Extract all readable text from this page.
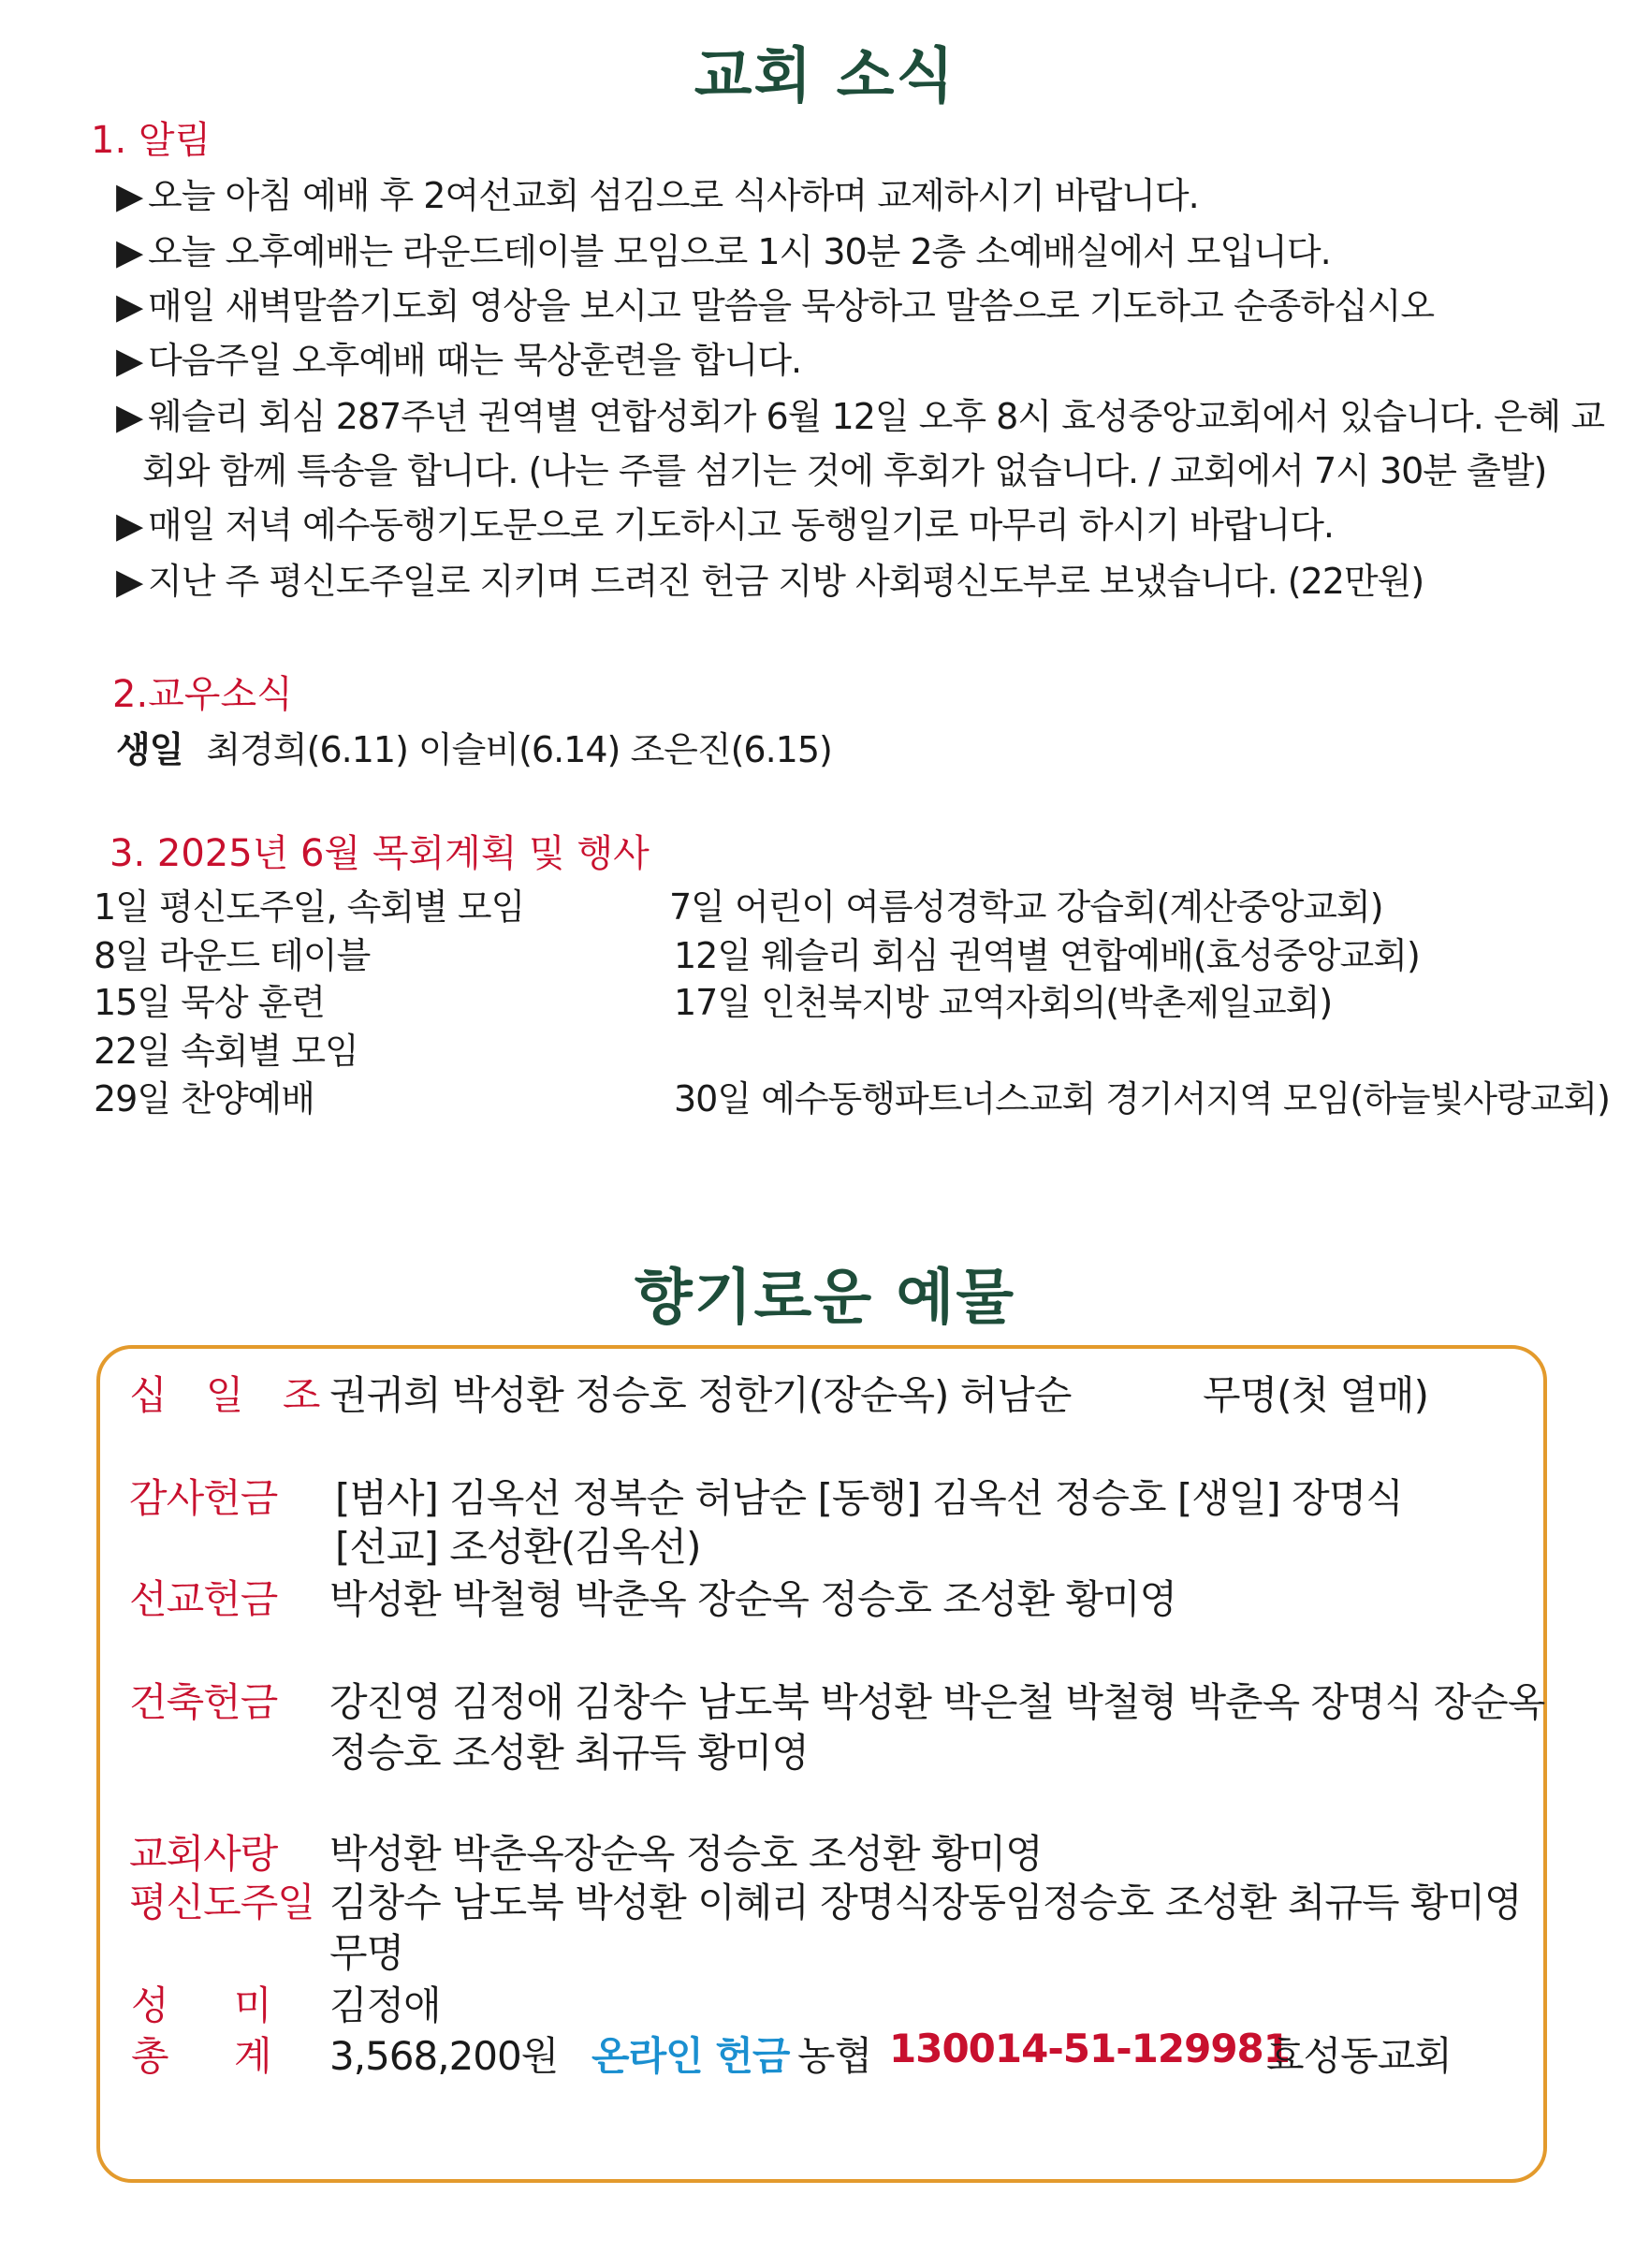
교회 소식
1. 알림
▶ 오늘 아침 예배 후 2여선교회 섬김으로 식사하며 교제하시기 바랍니다.
▶ 오늘 오후예배는 라운드테이블 모임으로 1시 30분 2층 소예배실에서 모입니다.
▶ 매일 새벽말씀기도회 영상을 보시고 말씀을 묵상하고 말씀으로 기도하고 순종하십시오
▶ 다음주일 오후예배 때는 묵상훈련을 합니다.
▶ 웨슬리 회심 287주년 권역별 연합성회가 6월 12일 오후 8시 효성중앙교회에서 있습니다. 은혜 교
회와 함께 특송을 합니다. (나는 주를 섬기는 것에 후회가 없습니다. / 교회에서 7시 30분 출발)
▶ 매일 저녁 예수동행기도문으로 기도하시고 동행일기로 마무리 하시기 바랍니다.
▶ 지난 주 평신도주일로 지키며 드려진 헌금 지방 사회평신도부로 보냈습니다. (22만원)
2.교우소식
생일 최경희(6.11) 이슬비(6.14) 조은진(6.15)
3. 2025년 6월 목회계획 및 행사
1일 평신도주일, 속회별 모임
8일 라운드 테이블
15일 묵상 훈련
22일 속회별 모임
29일 찬양예배
7일 어린이 여름성경학교 강습회(계산중앙교회)
12일 웨슬리 회심 권역별 연합예배(효성중앙교회)
17일 인천북지방 교역자회의(박촌제일교회)
30일 예수동행파트너스교회 경기서지역 모임(하늘빛사랑교회)
향기로운 예물
십 일 조
권귀희 박성환 정승호 정한기(장순옥) 허남순	무명(첫 열매)
감사헌금 [범사] 김옥선 정복순 허남순 [동행] 김옥선 정승호 [생일] 장명식
[선교] 조성환(김옥선)
선교헌금 박성환 박철형 박춘옥 장순옥 정승호 조성환 황미영
건축헌금 강진영 김정애 김창수 남도북 박성환 박은철 박철형 박춘옥 장명식 장순옥
정승호 조성환 최규득 황미영
교회사랑 박성환 박춘옥장순옥 정승호 조성환 황미영
평신도주일 김창수 남도북 박성환 이혜리 장명식장동임정승호 조성환 최규득 황미영
무명
성 미 김정애
총 계 3,568,200원 온라인 헌금 농협 130014-51-129981
효성동교회
